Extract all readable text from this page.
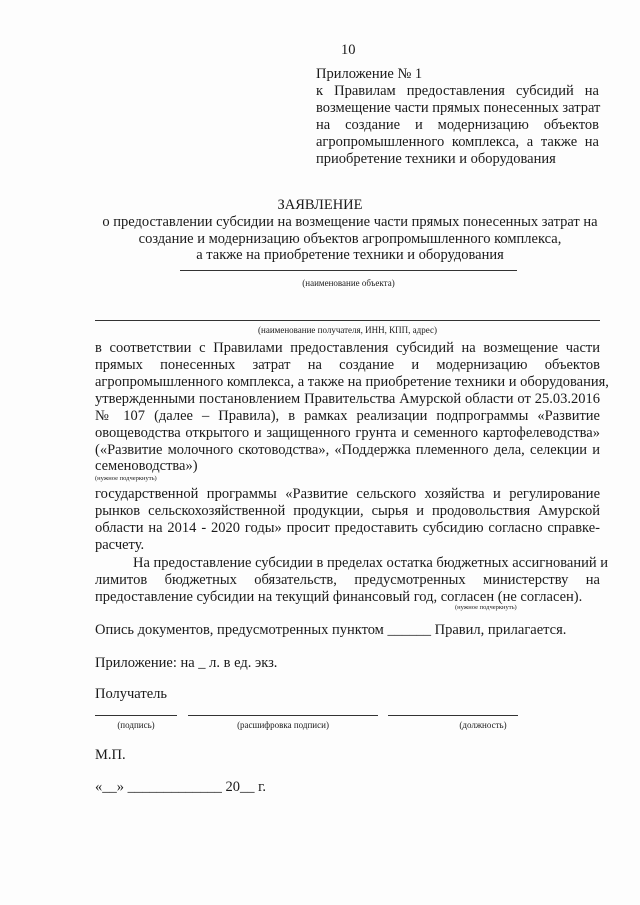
10
Приложение № 1
к Правилам предоставления субсидий на
возмещение части прямых понесенных затрат
на создание и модернизацию объектов
агропромышленного комплекса, а также на
приобретение техники и оборудования
ЗАЯВЛЕНИЕ
о предоставлении субсидии на возмещение части прямых понесенных затрат на
создание и модернизацию объектов агропромышленного комплекса,
а также на приобретение техники и оборудования
(наименование объекта)
(наименование получателя, ИНН, КПП, адрес)
в соответствии с Правилами предоставления субсидий на возмещение части
прямых понесенных затрат на создание и модернизацию объектов
агропромышленного комплекса, а также на приобретение техники и оборудования,
утвержденными постановлением Правительства Амурской области от 25.03.2016
№ 107 (далее – Правила), в рамках реализации подпрограммы «Развитие
овощеводства открытого и защищенного грунта и семенного картофелеводства»
(«Развитие молочного скотоводства», «Поддержка племенного дела, селекции и
семеноводства»)
(нужное подчеркнуть)
государственной программы «Развитие сельского хозяйства и регулирование
рынков сельскохозяйственной продукции, сырья и продовольствия Амурской
области на 2014 - 2020 годы» просит предоставить субсидию согласно справке-
расчету.
На предоставление субсидии в пределах остатка бюджетных ассигнований и
лимитов бюджетных обязательств, предусмотренных министерству на
предоставление субсидии на текущий финансовый год, согласен (не согласен).
(нужное подчеркнуть)
Опись документов, предусмотренных пунктом ______ Правил, прилагается.
Приложение: на _ л. в ед. экз.
Получатель
(подпись)	(расшифровка подписи)	(должность)
М.П.
«__» _____________ 20__ г.
